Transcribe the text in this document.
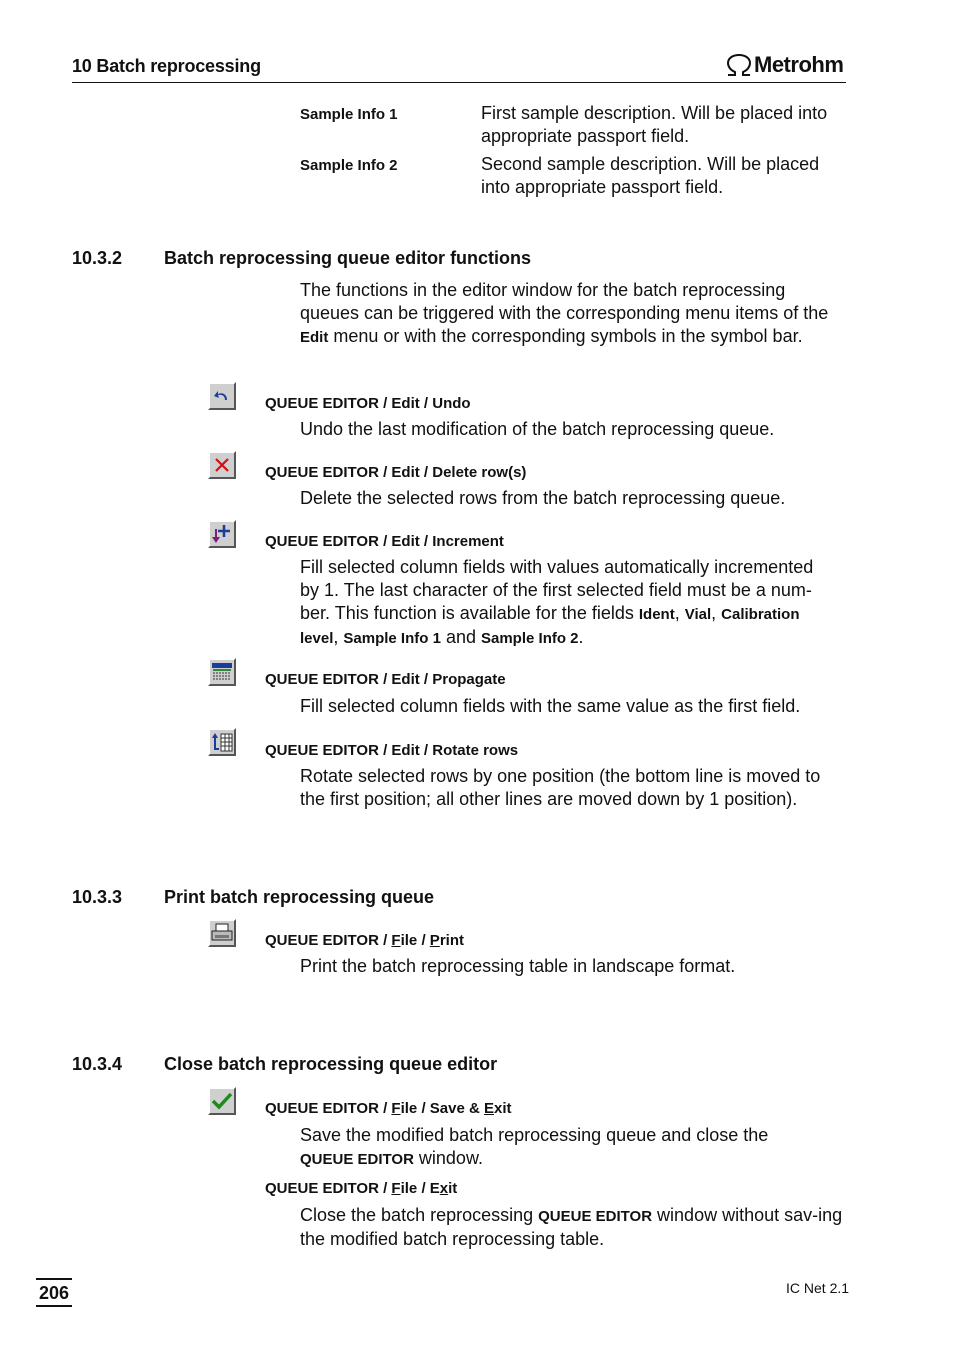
10 Batch reprocessing	Metrohm
Sample Info 1	First sample description. Will be placed into appropriate passport field.
Sample Info 2	Second sample description. Will be placed into appropriate passport field.
10.3.2	Batch reprocessing queue editor functions
The functions in the editor window for the batch reprocessing queues can be triggered with the corresponding menu items of the Edit menu or with the corresponding symbols in the symbol bar.
QUEUE EDITOR / Edit / Undo
Undo the last modification of the batch reprocessing queue.
QUEUE EDITOR / Edit / Delete row(s)
Delete the selected rows from the batch reprocessing queue.
QUEUE EDITOR / Edit / Increment
Fill selected column fields with values automatically incremented by 1. The last character of the first selected field must be a num-ber. This function is available for the fields Ident, Vial, Calibration level, Sample Info 1 and Sample Info 2.
QUEUE EDITOR / Edit / Propagate
Fill selected column fields with the same value as the first field.
QUEUE EDITOR / Edit / Rotate rows
Rotate selected rows by one position (the bottom line is moved to the first position; all other lines are moved down by 1 position).
10.3.3	Print batch reprocessing queue
QUEUE EDITOR / File / Print
Print the batch reprocessing table in landscape format.
10.3.4	Close batch reprocessing queue editor
QUEUE EDITOR / File / Save & Exit
Save the modified batch reprocessing queue and close the QUEUE EDITOR window.
QUEUE EDITOR / File / Exit
Close the batch reprocessing QUEUE EDITOR window without sav-ing the modified batch reprocessing table.
206	IC Net 2.1
